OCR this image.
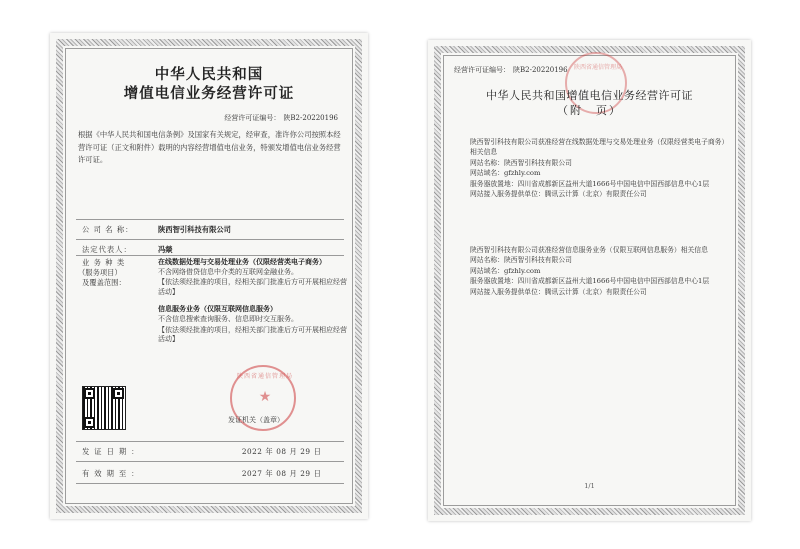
中华人民共和国
增值电信业务经营许可证
经营许可证编号： 陕B2-20220196
根据《中华人民共和国电信条例》及国家有关规定，经审查，准许你公司按照本经营许可证（正文和附件）载明的内容经营增值电信业务，特颁发增值电信业务经营许可证。
公 司 名 称：	陕西智引科技有限公司
法定代表人：	冯燚
业 务 种 类
（服务项目）
及覆盖范围：
在线数据处理与交易处理业务（仅限经营类电子商务）
不含网络借贷信息中介类的互联网金融业务。
【依法须经批准的项目，经相关部门批准后方可开展相应经营活动】
信息服务业务（仅限互联网信息服务）
不含信息搜索查询服务、信息即时交互服务。
【依法须经批准的项目，经相关部门批准后方可开展相应经营活动】
陕西省通信管理局
★
发证机关（盖章）
发证日期：	2022 年 08 月 29 日
有效期至：	2027 年 08 月 29 日
陕西省通信管理局
经营许可证编号： 陕B2-20220196
中华人民共和国增值电信业务经营许可证
（附　页）

陕西智引科技有限公司获准经营在线数据处理与交易处理业务（仅限经营类电子商务）相关信息

网站名称：陕西智引科技有限公司

网站域名：gfzhly.com

服务器放置地：四川省成都新区益州大道1666号中国电信中国西部信息中心1层

网站接入服务提供单位：腾讯云计算（北京）有限责任公司

陕西智引科技有限公司获准经营信息服务业务（仅限互联网信息服务）相关信息

网站名称：陕西智引科技有限公司

网站域名：gfzhly.com

服务器放置地：四川省成都新区益州大道1666号中国电信中国西部信息中心1层

网站接入服务提供单位：腾讯云计算（北京）有限责任公司

1/1
